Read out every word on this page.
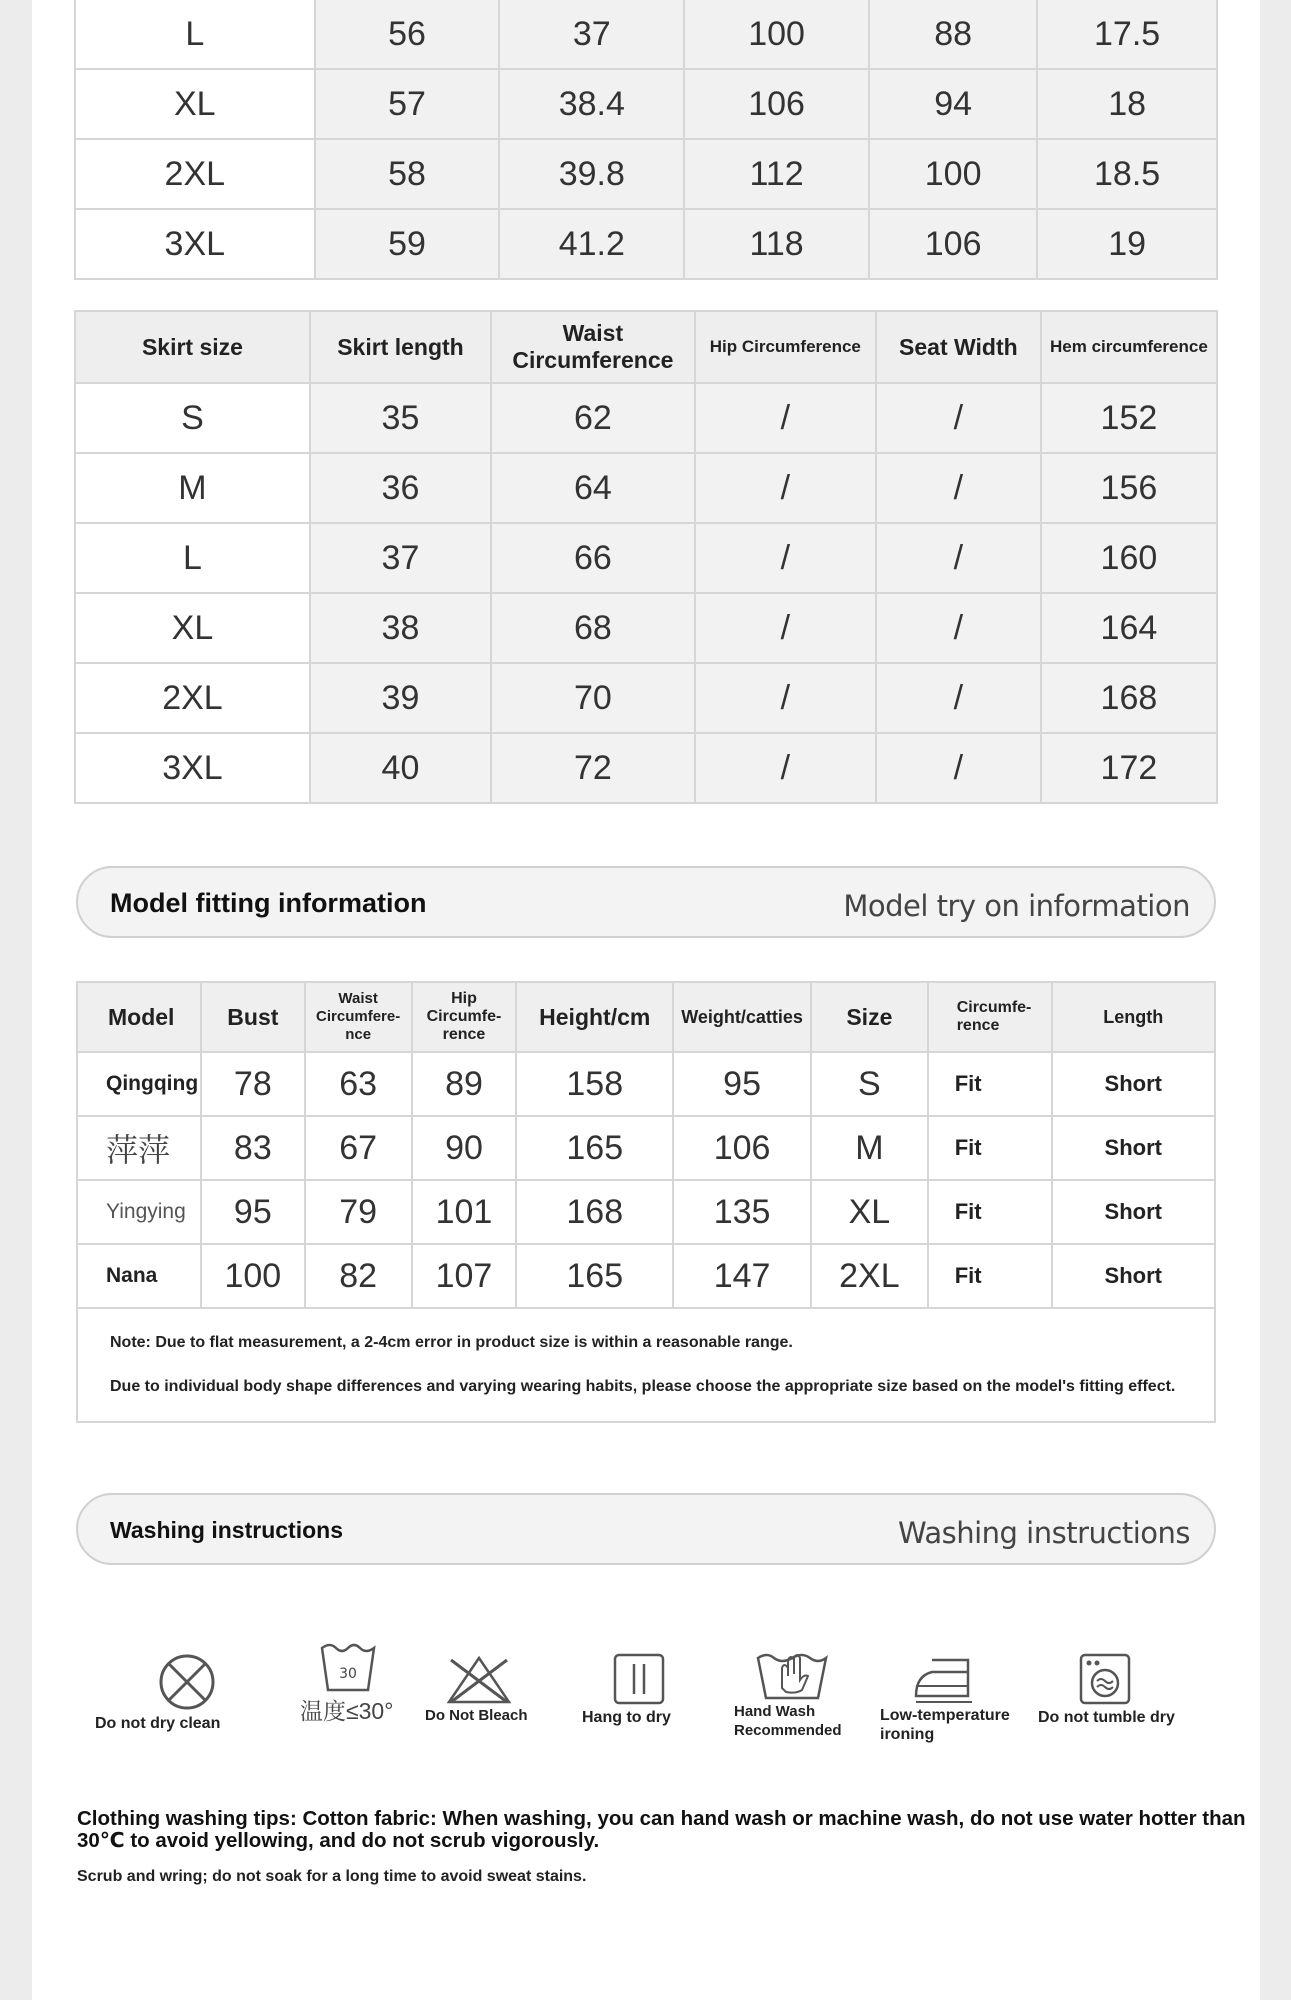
L	56	37	100	88	17.5
XL	57	38.4	106	94	18
2XL	58	39.8	112	100	18.5
3XL	59	41.2	118	106	19
Skirt size	Skirt length	Waist Circumference	Hip Circumference	Seat Width	Hem circumference
S	35	62	/	/	152
M	36	64	/	/	156
L	37	66	/	/	160
XL	38	68	/	/	164
2XL	39	70	/	/	168
3XL	40	72	/	/	172
Model fitting information	Model try on information
Model	Bust	Waist
Circumfere-
nce	Hip
Circumfe-
rence	Height/cm	Weight/catties	Size	Circumfe-
rence	Length
Qingqing	78	63	89	158	95	S	Fit	Short
萍萍	83	67	90	165	106	M	Fit	Short
Yingying	95	79	101	168	135	XL	Fit	Short
Nana	100	82	107	165	147	2XL	Fit	Short

Note: Due to flat measurement, a 2-4cm error in product size is within a reasonable range.
Due to individual body shape differences and varying wearing habits, please choose the appropriate size based on the model's fitting effect.								
Washing instructions	Washing instructions
Do not dry clean
30
温度≤30° Do Not Bleach	Hang to dry	Hand Wash
Recommended
Low-temperature
ironing
Do not tumble dry
Clothing washing tips: Cotton fabric: When washing, you can hand wash or machine wash, do not use water hotter than 30℃ to avoid yellowing, and do not scrub vigorously.
Scrub and wring; do not soak for a long time to avoid sweat stains.
